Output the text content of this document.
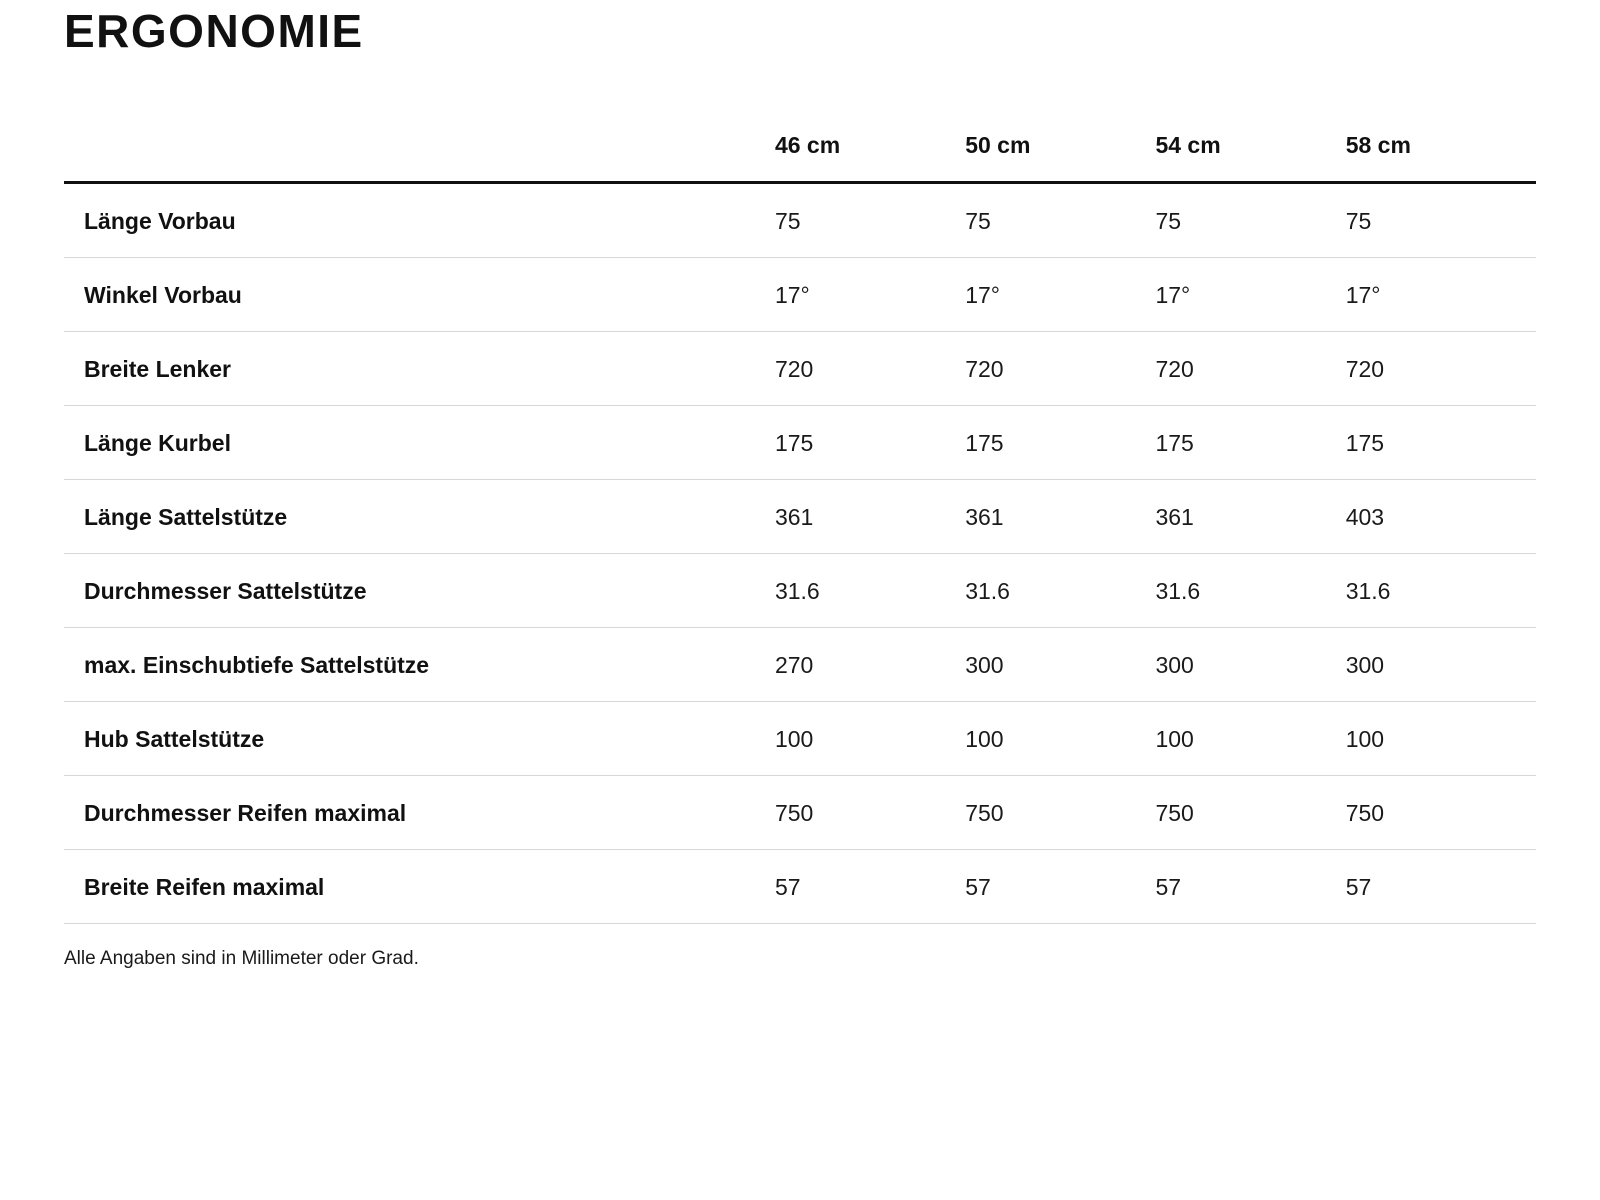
ERGONOMIE
	46 cm	50 cm	54 cm	58 cm
Länge Vorbau	75	75	75	75
Winkel Vorbau	17°	17°	17°	17°
Breite Lenker	720	720	720	720
Länge Kurbel	175	175	175	175
Länge Sattelstütze	361	361	361	403
Durchmesser Sattelstütze	31.6	31.6	31.6	31.6
max. Einschubtiefe Sattelstütze	270	300	300	300
Hub Sattelstütze	100	100	100	100
Durchmesser Reifen maximal	750	750	750	750
Breite Reifen maximal	57	57	57	57
Alle Angaben sind in Millimeter oder Grad.
